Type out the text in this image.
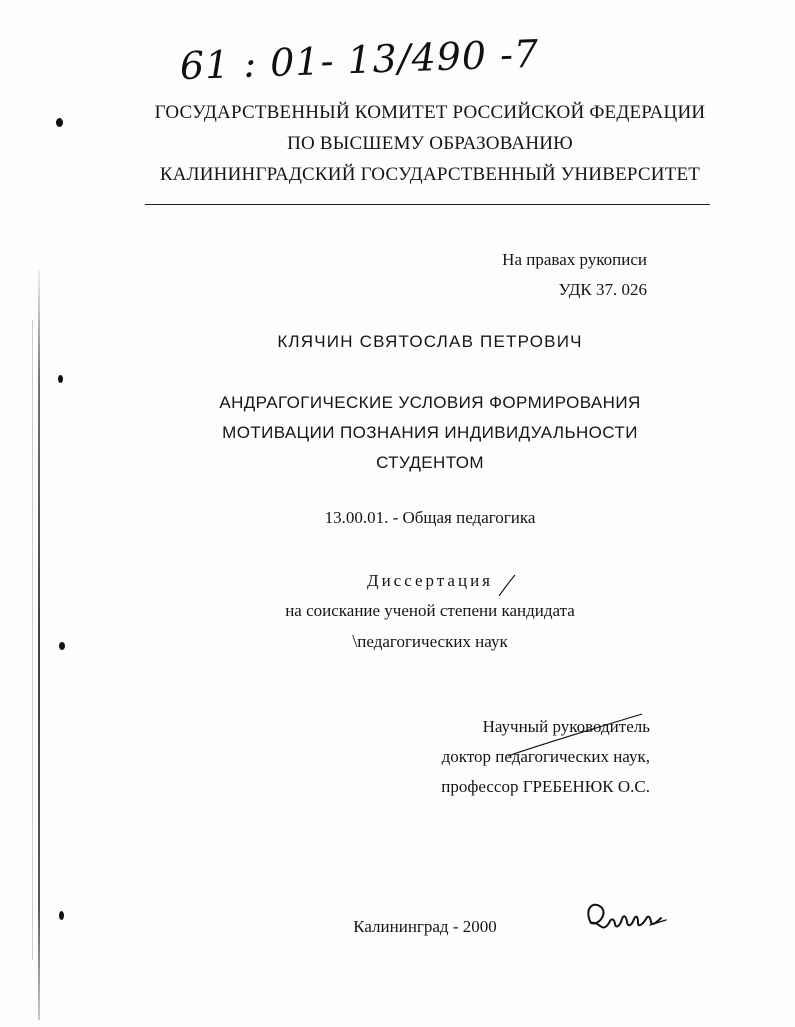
61 : 01- 13/490 -7
ГОСУДАРСТВЕННЫЙ КОМИТЕТ РОССИЙСКОЙ ФЕДЕРАЦИИ
ПО ВЫСШЕМУ ОБРАЗОВАНИЮ
КАЛИНИНГРАДСКИЙ ГОСУДАРСТВЕННЫЙ УНИВЕРСИТЕТ
На правах рукописи
УДК 37. 026
КЛЯЧИН СВЯТОСЛАВ ПЕТРОВИЧ
АНДРАГОГИЧЕСКИЕ УСЛОВИЯ ФОРМИРОВАНИЯ
МОТИВАЦИИ ПОЗНАНИЯ ИНДИВИДУАЛЬНОСТИ
СТУДЕНТОМ
13.00.01. - Общая педагогика
Диссертация
на соискание ученой степени кандидата
\педагогических наук
Научный руководитель
доктор педагогических наук,
профессор ГРЕБЕНЮК О.С.
Калининград - 2000
